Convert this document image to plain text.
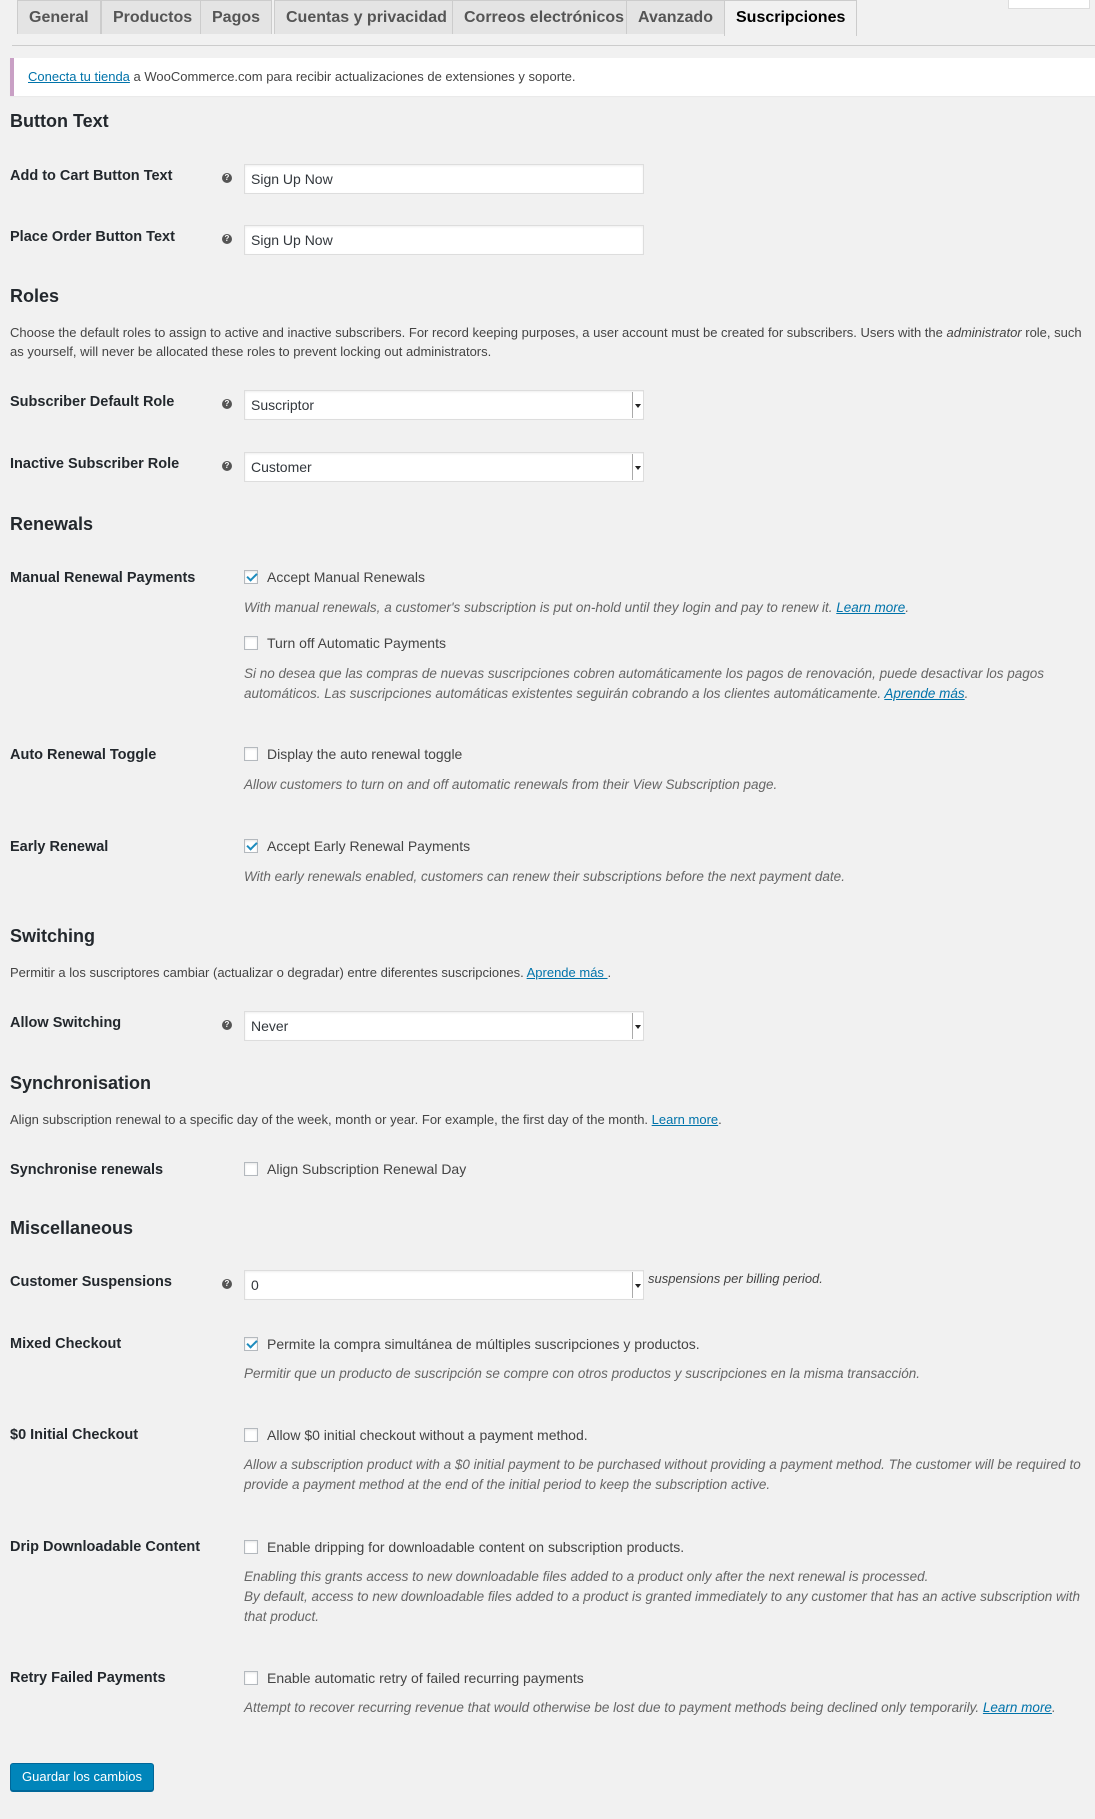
General	Productos	Pagos	Cuentas y privacidad	Correos electrónicos Avanzado	Suscripciones
Conecta tu tienda a WooCommerce.com para recibir actualizaciones de extensiones y soporte.
Button Text
Add to Cart Button Text	?	Sign Up Now
Place Order Button Text	?	Sign Up Now
Roles
Choose the default roles to assign to active and inactive subscribers. For record keeping purposes, a user account must be created for subscribers. Users with the administrator role, such as yourself, will never be allocated these roles to prevent locking out administrators.
Subscriber Default Role	?	Suscriptor
Inactive Subscriber Role	?	Customer
Renewals
Manual Renewal Payments	Accept Manual Renewals
With manual renewals, a customer's subscription is put on-hold until they login and pay to renew it. Learn more.
Turn off Automatic Payments
Si no desea que las compras de nuevas suscripciones cobren automáticamente los pagos de renovación, puede desactivar los pagos automáticos. Las suscripciones automáticas existentes seguirán cobrando a los clientes automáticamente. Aprende más.
Auto Renewal Toggle	Display the auto renewal toggle
Allow customers to turn on and off automatic renewals from their View Subscription page.
Early Renewal	Accept Early Renewal Payments
With early renewals enabled, customers can renew their subscriptions before the next payment date.
Switching
Permitir a los suscriptores cambiar (actualizar o degradar) entre diferentes suscripciones. Aprende más .
Allow Switching	?	Never
Synchronisation
Align subscription renewal to a specific day of the week, month or year. For example, the first day of the month. Learn more.
Synchronise renewals	Align Subscription Renewal Day
Miscellaneous
Customer Suspensions	?	0	suspensions per billing period.
Mixed Checkout	Permite la compra simultánea de múltiples suscripciones y productos.
Permitir que un producto de suscripción se compre con otros productos y suscripciones en la misma transacción.
$0 Initial Checkout	Allow $0 initial checkout without a payment method.
Allow a subscription product with a $0 initial payment to be purchased without providing a payment method. The customer will be required to provide a payment method at the end of the initial period to keep the subscription active.
Drip Downloadable Content	Enable dripping for downloadable content on subscription products.
Enabling this grants access to new downloadable files added to a product only after the next renewal is processed.
By default, access to new downloadable files added to a product is granted immediately to any customer that has an active subscription with that product.
Retry Failed Payments	Enable automatic retry of failed recurring payments
Attempt to recover recurring revenue that would otherwise be lost due to payment methods being declined only temporarily. Learn more.
Guardar los cambios
